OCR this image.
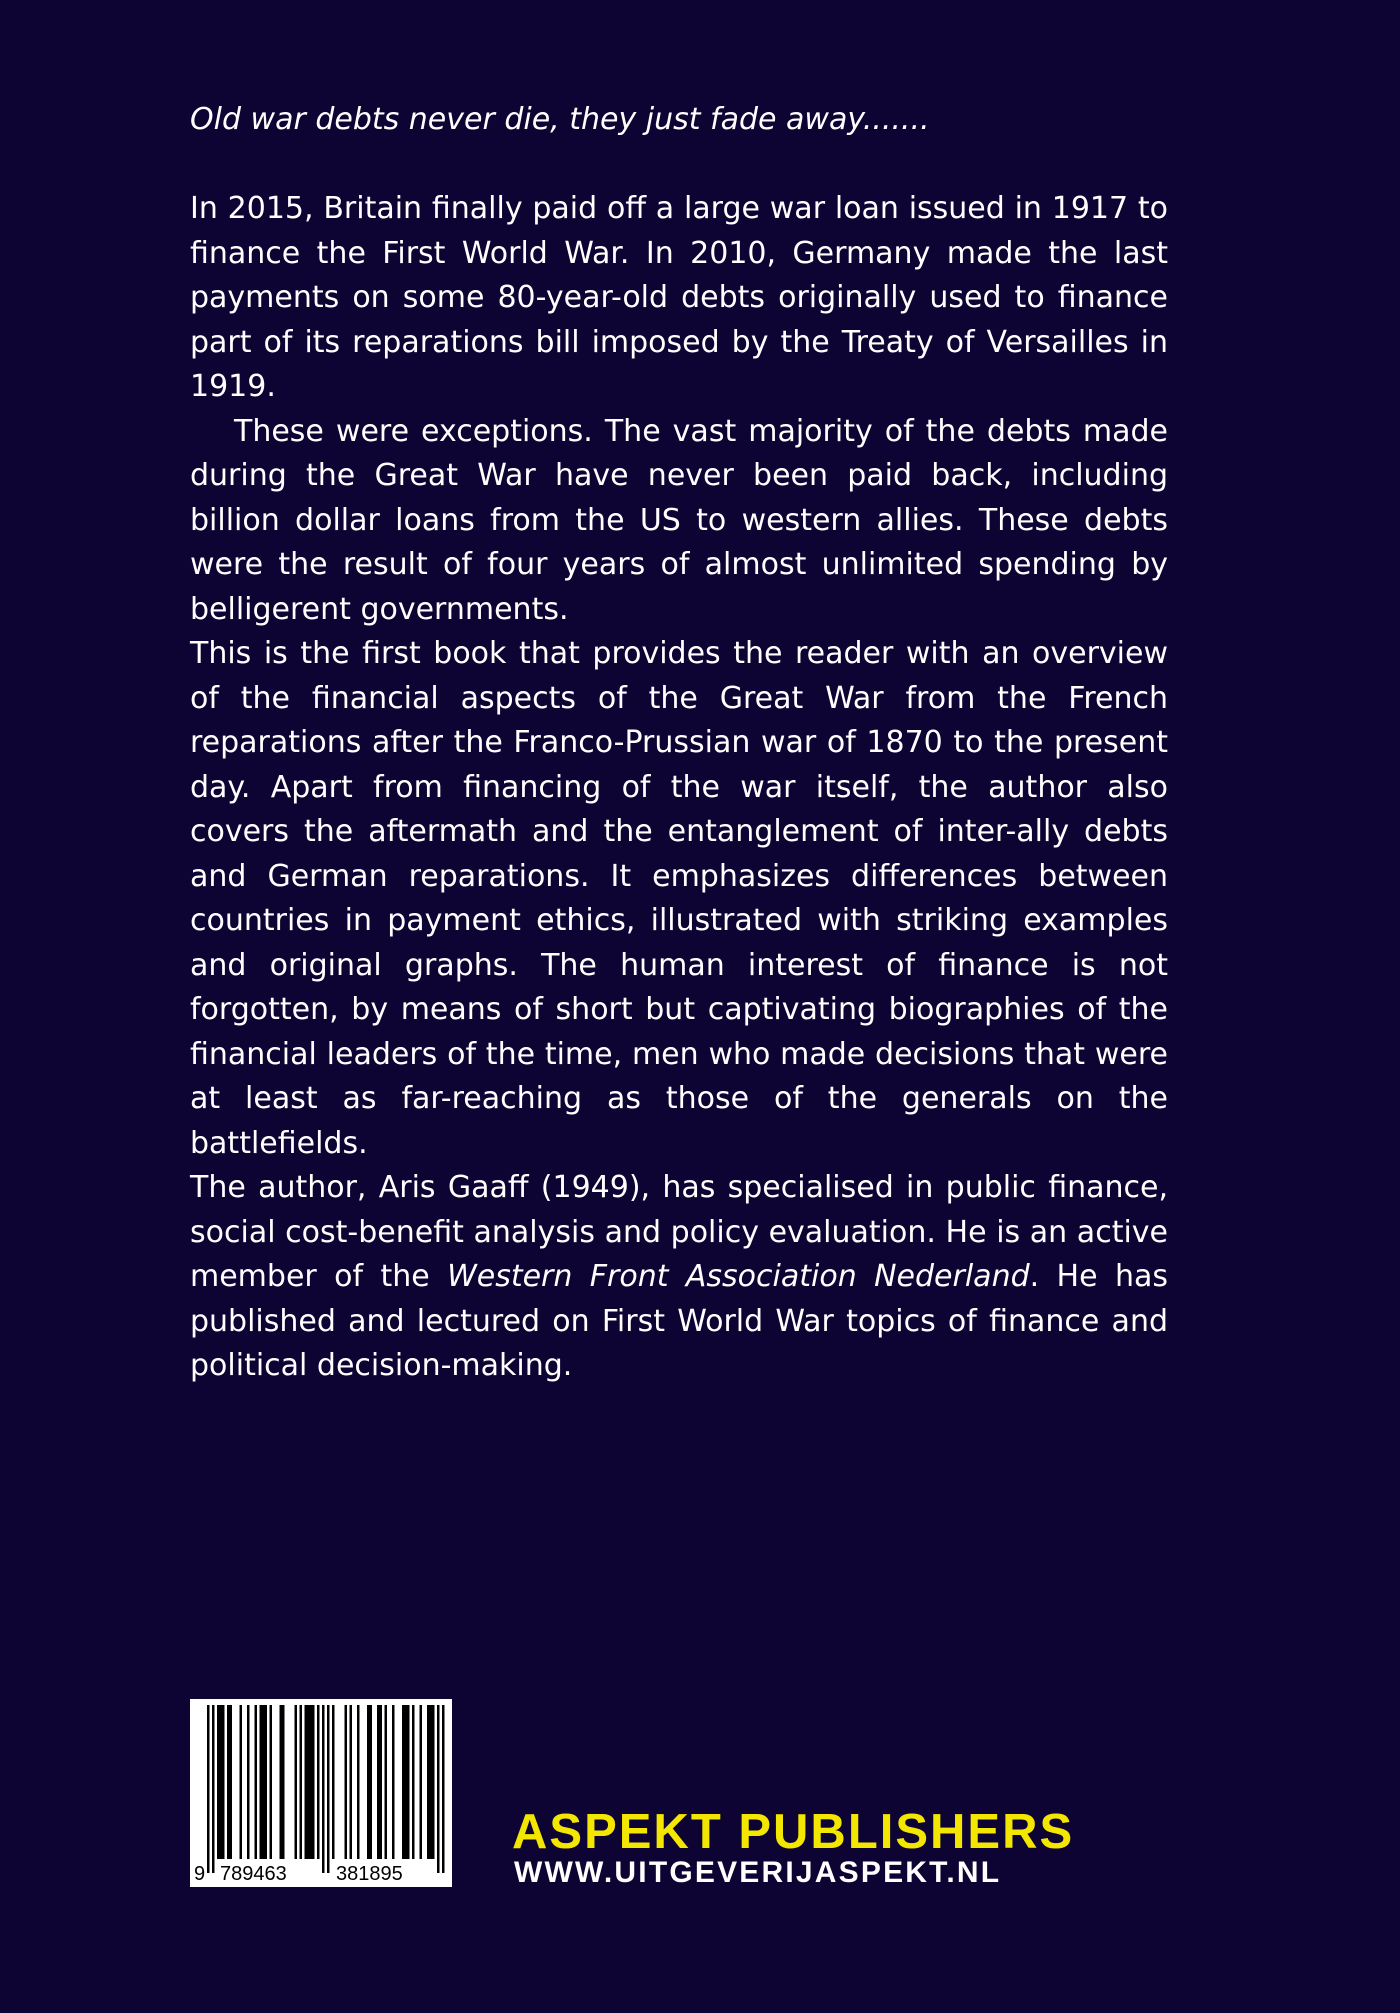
Old war debts never die, they just fade away.......

In 2015, Britain finally paid off a large war loan issued in 1917 to finance the First World War. In 2010, Germany made the last payments on some 80-year-old debts originally used to finance part of its reparations bill imposed by the Treaty of Versailles in 1919.

These were exceptions. The vast majority of the debts made during the Great War have never been paid back, including billion dollar loans from the US to western allies. These debts were the result of four years of almost unlimited spending by belligerent governments.

This is the first book that provides the reader with an overview of the financial aspects of the Great War from the French reparations after the Franco-Prussian war of 1870 to the present day. Apart from financing of the war itself, the author also covers the aftermath and the entanglement of inter-ally debts and German reparations. It emphasizes differences between countries in payment ethics, illustrated with striking examples and original graphs. The human interest of finance is not forgotten, by means of short but captivating biographies of the financial leaders of the time, men who made decisions that were at least as far-reaching as those of the generals on the battlefields.

The author, Aris Gaaff (1949), has specialised in public finance, social cost-benefit analysis and policy evaluation. He is an active member of the Western Front Association Nederland. He has published and lectured on First World War topics of finance and political decision-making.

9 789463 381895
ASPEKT PUBLISHERS
WWW.UITGEVERIJASPEKT.NL
